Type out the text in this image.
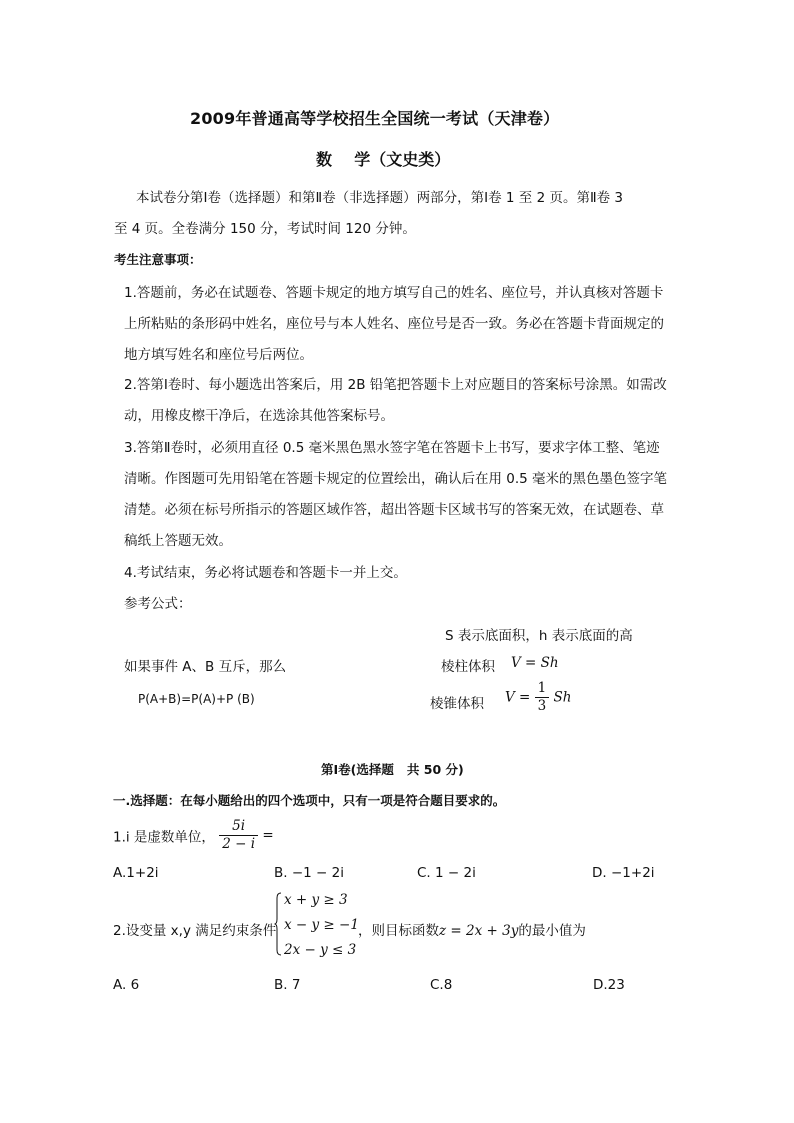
2009年普通高等学校招生全国统一考试（天津卷）
数    学（文史类）
本试卷分第Ⅰ卷（选择题）和第Ⅱ卷（非选择题）两部分，第Ⅰ卷 1 至 2 页。第Ⅱ卷 3
至 4 页。全卷满分 150 分，考试时间 120 分钟。
考生注意事项：
1.答题前，务必在试题卷、答题卡规定的地方填写自己的姓名、座位号，并认真核对答题卡
上所粘贴的条形码中姓名，座位号与本人姓名、座位号是否一致。务必在答题卡背面规定的
地方填写姓名和座位号后两位。
2.答第Ⅰ卷时、每小题选出答案后，用 2B 铅笔把答题卡上对应题目的答案标号涂黑。如需改
动，用橡皮檫干净后，在选涂其他答案标号。
3.答第Ⅱ卷时，必须用直径 0.5 毫米黑色黑水签字笔在答题卡上书写，要求字体工整、笔迹
清晰。作图题可先用铅笔在答题卡规定的位置绘出，确认后在用 0.5 毫米的黑色墨色签字笔
清楚。必须在标号所指示的答题区域作答，超出答题卡区域书写的答案无效，在试题卷、草
稿纸上答题无效。
4.考试结束，务必将试题卷和答题卡一并上交。
参考公式：
S 表示底面积，h 表示底面的高
如果事件 A、B 互斥，那么	棱柱体积 V = Sh
P(A+B)=P(A)+P (B)	棱锥体积 $V = \frac{1}{3}$ Sh
第Ⅰ卷(选择题   共 50 分)
一.选择题：在每小题给出的四个选项中，只有一项是符合题目要求的。
1.i 是虚数单位， $\frac{5i}{2 - i}$ =
A.1+2i	B. −1 − 2i	C. 1 − 2i	D. −1+2i
2.设变量 x,y 满足约束条件
x + y ≥ 3
x − y ≥ −1
2x − y ≤ 3
，则目标函数z = 2x + 3y的最小值为
A. 6	B. 7	C.8	D.23
